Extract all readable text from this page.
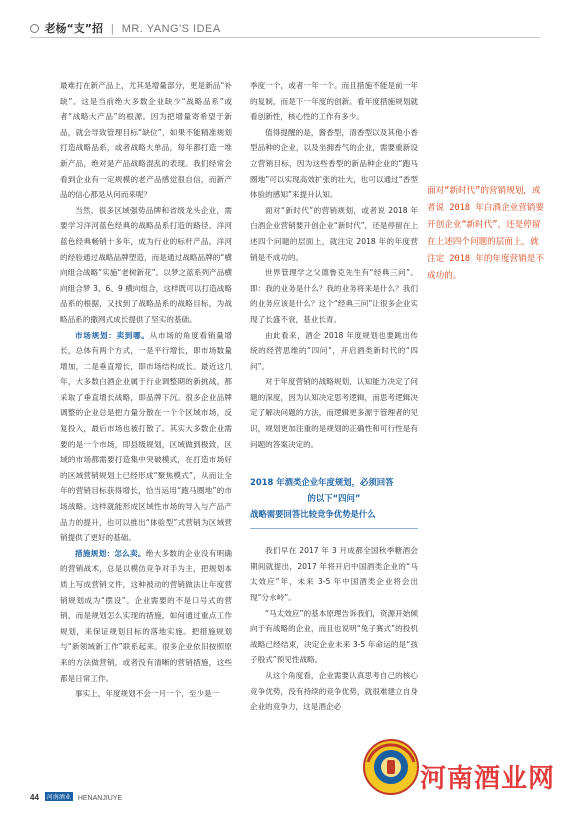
老杨“支”招 | MR. YANG'S IDEA

最难打在新产品上，尤其是增量部分，更是新品“补缺”。这是当前绝大多数企业缺少“战略品系”或者“战略大产品”的根源。因为把增量寄希望于新品，就会导致管理目标“缺位”，如果不能精准规划打造战略品系，或者战略大单品，每年都打造一堆新产品，绝对是产品战略混乱的表现。我们经常会看到企业有一定规模的老产品感觉很自信，而新产品的信心都是从何而来呢？

当然，很多区域强势品牌和省级龙头企业，需要学习洋河蓝色经典的战略品系打造的路径。洋河蓝色经典畅销十多年，成为行业的标杆产品。洋河的经验通过战略品牌塑造，而是通过战略品牌的“横向组合战略”实施“老树新花”。以梦之蓝系列产品横向组合梦 3、6、9 横向组合，这样既可以打造战略品系的根据，又找到了战略品系的战略目标，为战略品系的撒网式成长提供了坚实的基础。

市场规划：卖到哪。从市场的角度看销量增长，总体有两个方式，一是平行增长，即市场数量增加，二是垂直增长，即市场结构成长。最近这几年，大多数白酒企业属于行业调整期的新挑战，都采取了垂直增长战略，即品牌下沉。很多企业品牌调整的企业总是把力量分散在一个个区域市场，反复投入，最后市场也被打散了。其实大多数企业需要的是一个市场，即县级规划，区域做到极致，区域的市场都需要打造集中突破模式，在打造市场好的区域营销规划上已经形成“聚焦模式”，从而让全年的营销目标获得增长，恰当运用“跑马圈地”的市场战略。这样就能形成区域性市场的导入与产品产品力的提升，也可以推出“体验型”式营销为区域营销提供了更好的基础。

措施规划：怎么卖。绝大多数的企业没有明确的营销战术，总是以模仿竞争对手为主，把规划本质上写成营销文件，这种被动的营销做法让年度营销规划成为“摆设”。企业需要的不是口号式的营销，而是规划怎么实现的措施，如何通过重点工作规划，来保证规划目标的落地实施。把措施规划与“新领域新工作”联系起来。很多企业依旧按照原来的方法做营销，或者没有清晰的营销措施，这些都是日常工作。

事实上，年度规划不会一月一个，至少是一

季度一个，或者一年一个。而且措施不能是前一年的复制，而是下一年度的创新。看年度措施规划就看创新性，核心性的工作有多少。

值得提醒的是，酱香型，清香型以及其他小香型品种的企业，以及坐拥香气的企业，需要重新设立营销目标，因为这些香型的新品种企业的“跑马圈地”可以实现高效扩张的壮大，也可以通过“香型体验的感知”来提升认知。

面对“新时代”的营销规划，或者说 2018 年白酒企业营销要开创企业“新时代”，还是停留在上述四个问题的层面上，就注定 2018 年的年度营销是不成功的。

世界管理学之父德鲁克先生有“经典三问”。即：我的业务是什么？我的业务将来是什么？我们的业务应该是什么？这个“经典三问”让很多企业实现了长盛不衰，基业长青。

由此看来，酒企 2018 年度规划也要跳出传统的经营思维的“四问”，开启酒类新时代的“四问”。

对于年度营销的战略规划，认知能力决定了问题的深度，因为认知决定思考逻辑，而思考逻辑决定了解决问题的方法，而逻辑更多源于管理者的见识，规划更加注重的是规划的正确性和可行性是有问题的答案决定的。

2018 年酒类企业年度规划，必须回答
的以下“四问”
战略需要回答比较竞争优势是什么

我们早在 2017 年 3 月成都全国秋季糖酒会期间就提出，2017 年将开启中国酒类企业的“马太效应”年，未来 3-5 年中国酒类企业将会出现“分水岭”。

“马太效应”的基本原理告诉我们，资源开始倾向于有战略的企业，而且也说明“兔子赛式”的投机战略已经结束，决定企业未来 3-5 年命运的是“孩子般式”预见性战略。

从这个角度看，企业需要认真思考自己的核心竞争优势，没有持续的竞争优势，就很难建立自身企业的竞争力，这是酒企必

面对“新时代”的营销规划，或者说 2018 年白酒企业营销要开创企业“新时代”，还是停留在上述四个问题的层面上，就注定 2018 年的年度营销是不成功的。
44 河南酒业 HENANJIUYE
河南酒业网
